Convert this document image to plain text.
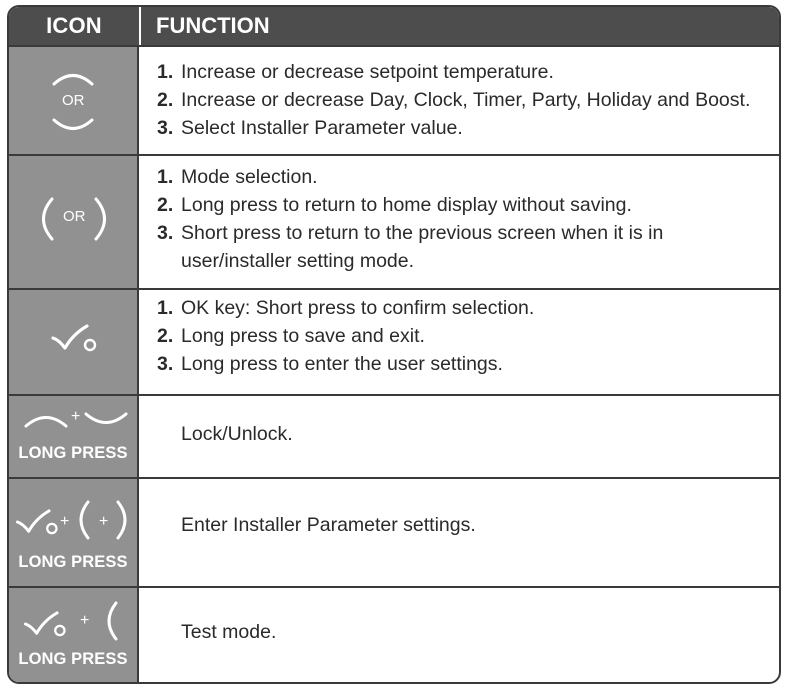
ICON	FUNCTION
OR
1. Increase or decrease setpoint temperature.
2. Increase or decrease Day, Clock, Timer, Party, Holiday and Boost.
3. Select Installer Parameter value.
OR
1. Mode selection.
2. Long press to return to home display without saving.
3. Short press to return to the previous screen when it is in user/installer setting mode.
1. OK key: Short press to confirm selection.
2. Long press to save and exit.
3. Long press to enter the user settings.
+
LONG PRESS
Lock/Unlock.
+ +
LONG PRESS
Enter Installer Parameter settings.
+
LONG PRESS
Test mode.
